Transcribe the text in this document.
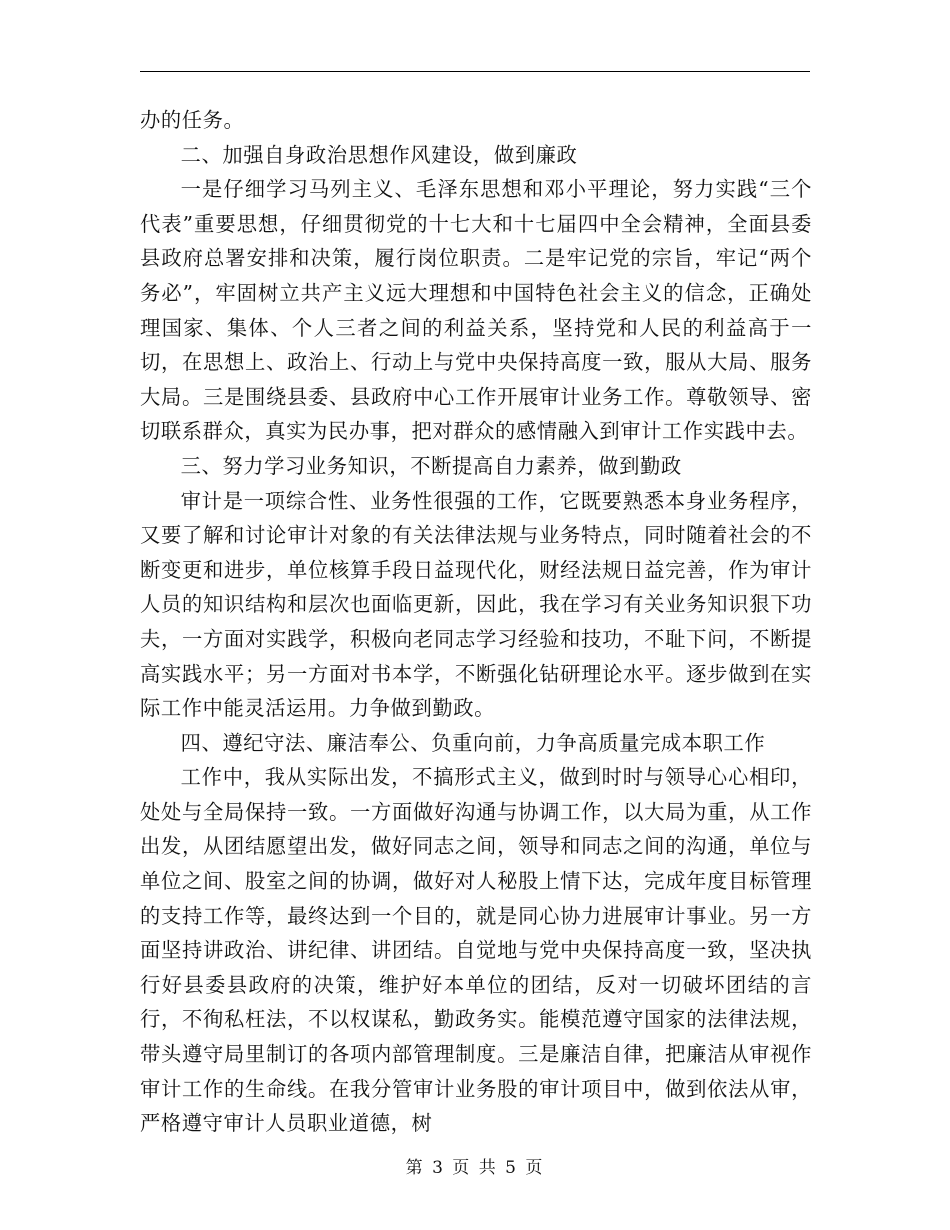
办的任务。

二、加强自身政治思想作风建设，做到廉政

一是仔细学习马列主义、毛泽东思想和邓小平理论，努力实践“三个代表”重要思想，仔细贯彻党的十七大和十七届四中全会精神，全面县委县政府总署安排和决策，履行岗位职责。二是牢记党的宗旨，牢记“两个务必”，牢固树立共产主义远大理想和中国特色社会主义的信念，正确处理国家、集体、个人三者之间的利益关系，坚持党和人民的利益高于一切，在思想上、政治上、行动上与党中央保持高度一致，服从大局、服务大局。三是围绕县委、县政府中心工作开展审计业务工作。尊敬领导、密切联系群众，真实为民办事，把对群众的感情融入到审计工作实践中去。

三、努力学习业务知识，不断提高自力素养，做到勤政

审计是一项综合性、业务性很强的工作，它既要熟悉本身业务程序，又要了解和讨论审计对象的有关法律法规与业务特点，同时随着社会的不断变更和进步，单位核算手段日益现代化，财经法规日益完善，作为审计人员的知识结构和层次也面临更新，因此，我在学习有关业务知识狠下功夫，一方面对实践学，积极向老同志学习经验和技功，不耻下问，不断提高实践水平；另一方面对书本学，不断强化钻研理论水平。逐步做到在实际工作中能灵活运用。力争做到勤政。

四、遵纪守法、廉洁奉公、负重向前，力争高质量完成本职工作

工作中，我从实际出发，不搞形式主义，做到时时与领导心心相印，处处与全局保持一致。一方面做好沟通与协调工作，以大局为重，从工作出发，从团结愿望出发，做好同志之间，领导和同志之间的沟通，单位与单位之间、股室之间的协调，做好对人秘股上情下达，完成年度目标管理的支持工作等，最终达到一个目的，就是同心协力进展审计事业。另一方面坚持讲政治、讲纪律、讲团结。自觉地与党中央保持高度一致，坚决执行好县委县政府的决策，维护好本单位的团结，反对一切破坏团结的言行，不徇私枉法，不以权谋私，勤政务实。能模范遵守国家的法律法规，带头遵守局里制订的各项内部管理制度。三是廉洁自律，把廉洁从审视作审计工作的生命线。在我分管审计业务股的审计项目中，做到依法从审，严格遵守审计人员职业道德，树

第 3 页 共 5 页
